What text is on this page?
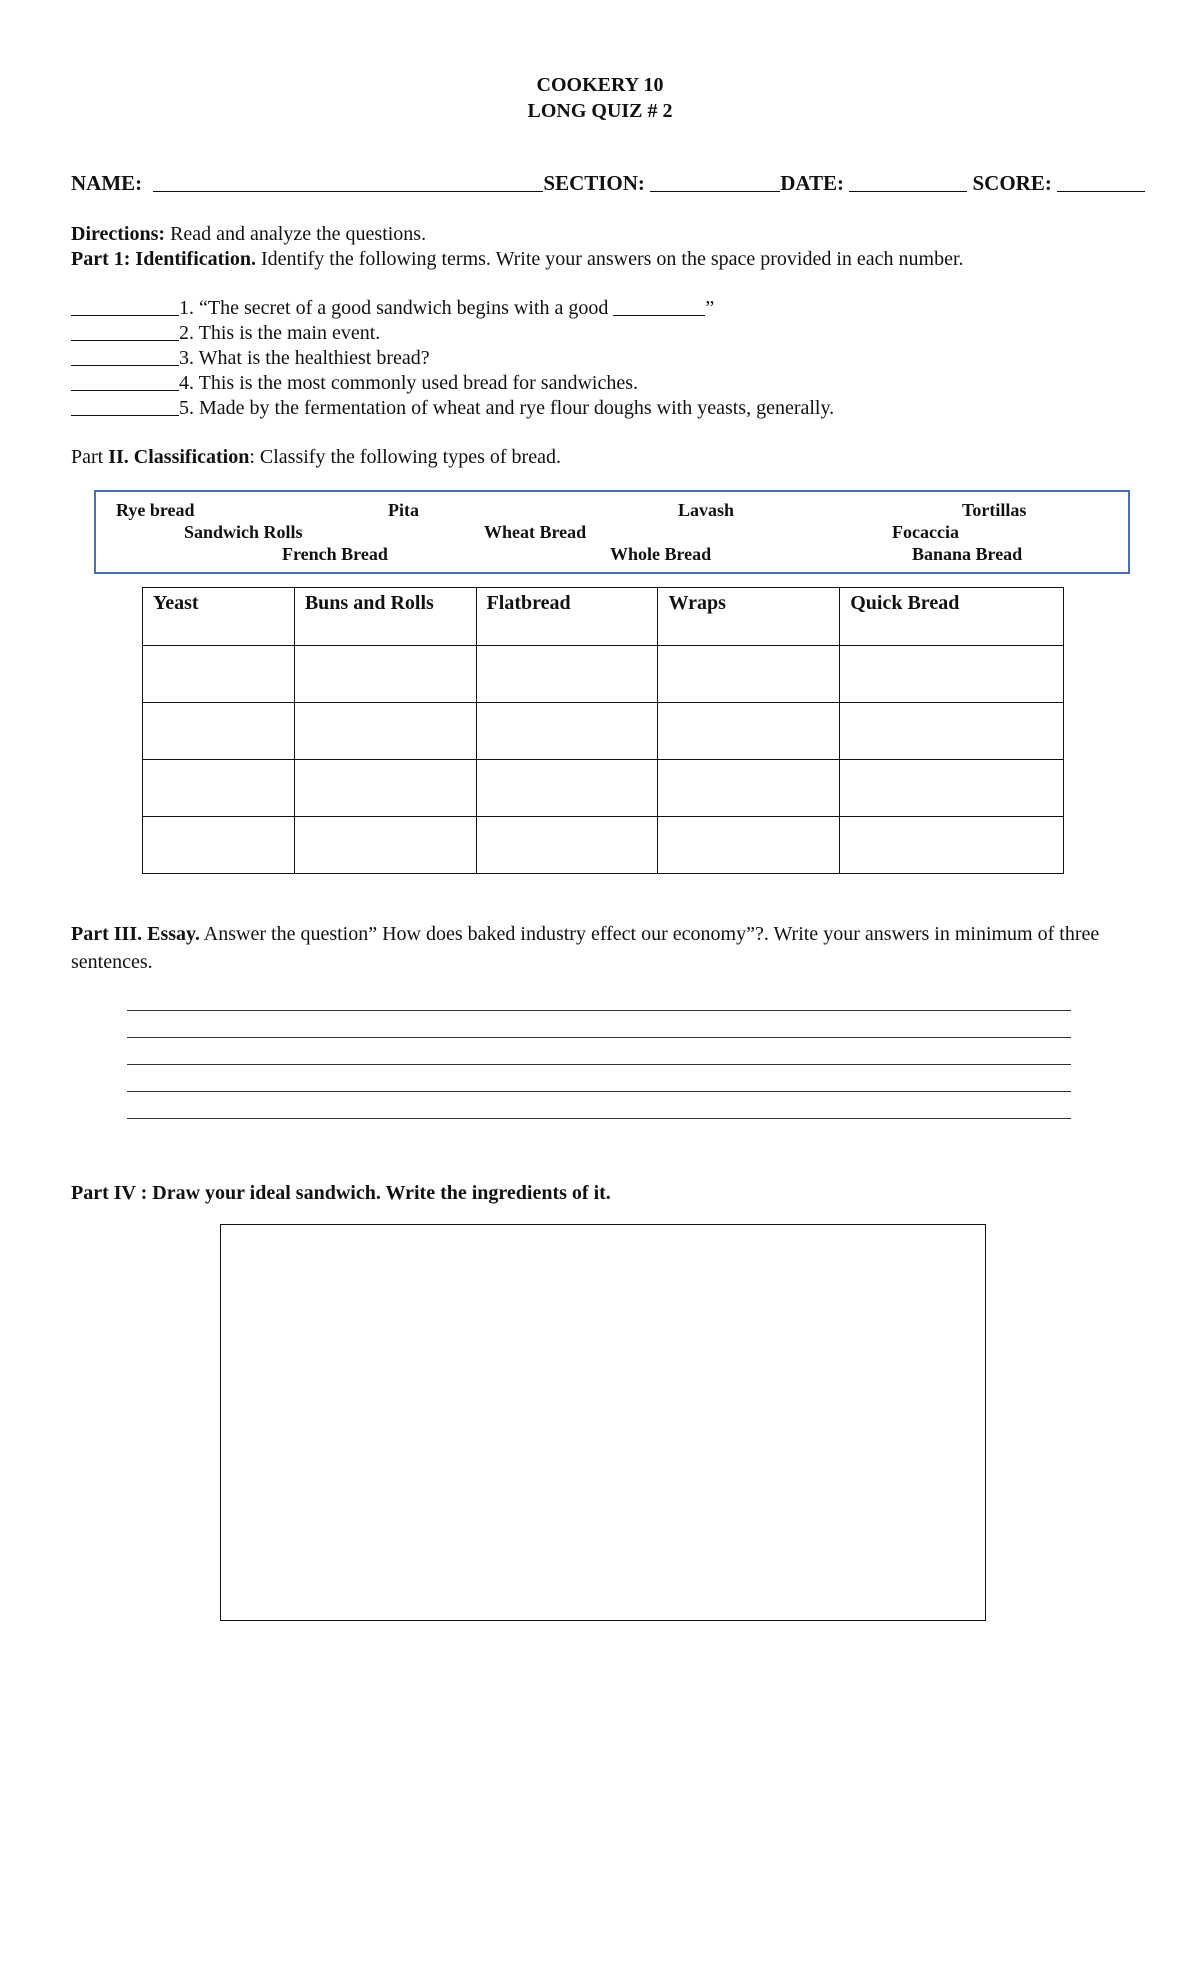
COOKERY 10
LONG QUIZ # 2
NAME:	SECTION:	DATE:	SCORE:
Directions: Read and analyze the questions.
Part 1: Identification. Identify the following terms. Write your answers on the space provided in each number.
1. “The secret of a good sandwich begins with a good	”
2. This is the main event.
3. What is the healthiest bread?
4. This is the most commonly used bread for sandwiches.
5. Made by the fermentation of wheat and rye flour doughs with yeasts, generally.
Part II. Classification: Classify the following types of bread.
Rye bread	Pita	Lavash	Tortillas
Sandwich Rolls	Wheat Bread	Focaccia
French Bread	Whole Bread	Banana Bread
Yeast	Buns and Rolls	Flatbread	Wraps	Quick Bread

Part III. Essay. Answer the question” How does baked industry effect our economy”?. Write your answers in minimum of three sentences.
Part IV : Draw your ideal sandwich. Write the ingredients of it.
